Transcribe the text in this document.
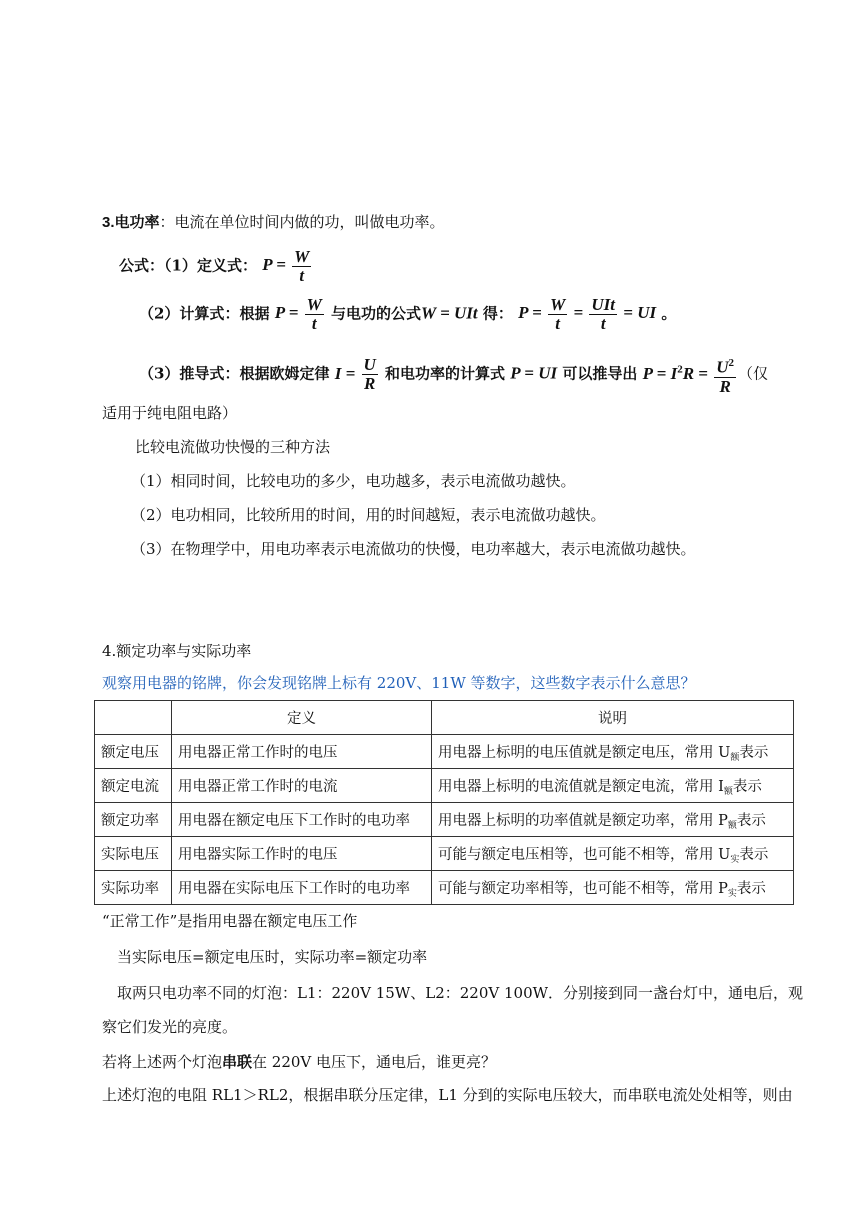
3.电功率：电流在单位时间内做的功，叫做电功率。
公式：（1）定义式： $P = \frac{W}{t}$
（2）计算式：根据 $P = \frac{W}{t}$ 与电功的公式W = UIt 得： $P = \frac{W}{t} = \frac{\text{UIt}}{t}$ = UI 。
（3）推导式：根据欧姆定律 $I = \frac{U}{R}$ 和电功率的计算式 P = UI 可以推导出 $P = I^2R = \frac{U^2}{R}$ （仅
适用于纯电阻电路）
比较电流做功快慢的三种方法
（1）相同时间，比较电功的多少，电功越多，表示电流做功越快。
（2）电功相同，比较所用的时间，用的时间越短，表示电流做功越快。
（3）在物理学中，用电功率表示电流做功的快慢，电功率越大，表示电流做功越快。
4.额定功率与实际功率
观察用电器的铭牌，你会发现铭牌上标有 220V、11W 等数字，这些数字表示什么意思？
	定义	说明
额定电压	用电器正常工作时的电压	用电器上标明的电压值就是额定电压，常用 $U_额$表示
额定电流	用电器正常工作时的电流	用电器上标明的电流值就是额定电流，常用 $I_额$表示
额定功率	用电器在额定电压下工作时的电功率	用电器上标明的功率值就是额定功率，常用 $P_额$表示
实际电压	用电器实际工作时的电压	可能与额定电压相等，也可能不相等，常用 $U_实$表示
实际功率	用电器在实际电压下工作时的电功率	可能与额定功率相等，也可能不相等，常用 $P_实$表示
“正常工作”是指用电器在额定电压工作
当实际电压=额定电压时，实际功率=额定功率
取两只电功率不同的灯泡：L1：220V 15W、L2：220V 100W．分别接到同一盏台灯中，通电后，观
察它们发光的亮度。
若将上述两个灯泡串联在 220V 电压下，通电后，谁更亮？
上述灯泡的电阻 RL1＞RL2，根据串联分压定律，L1 分到的实际电压较大，而串联电流处处相等，则由
